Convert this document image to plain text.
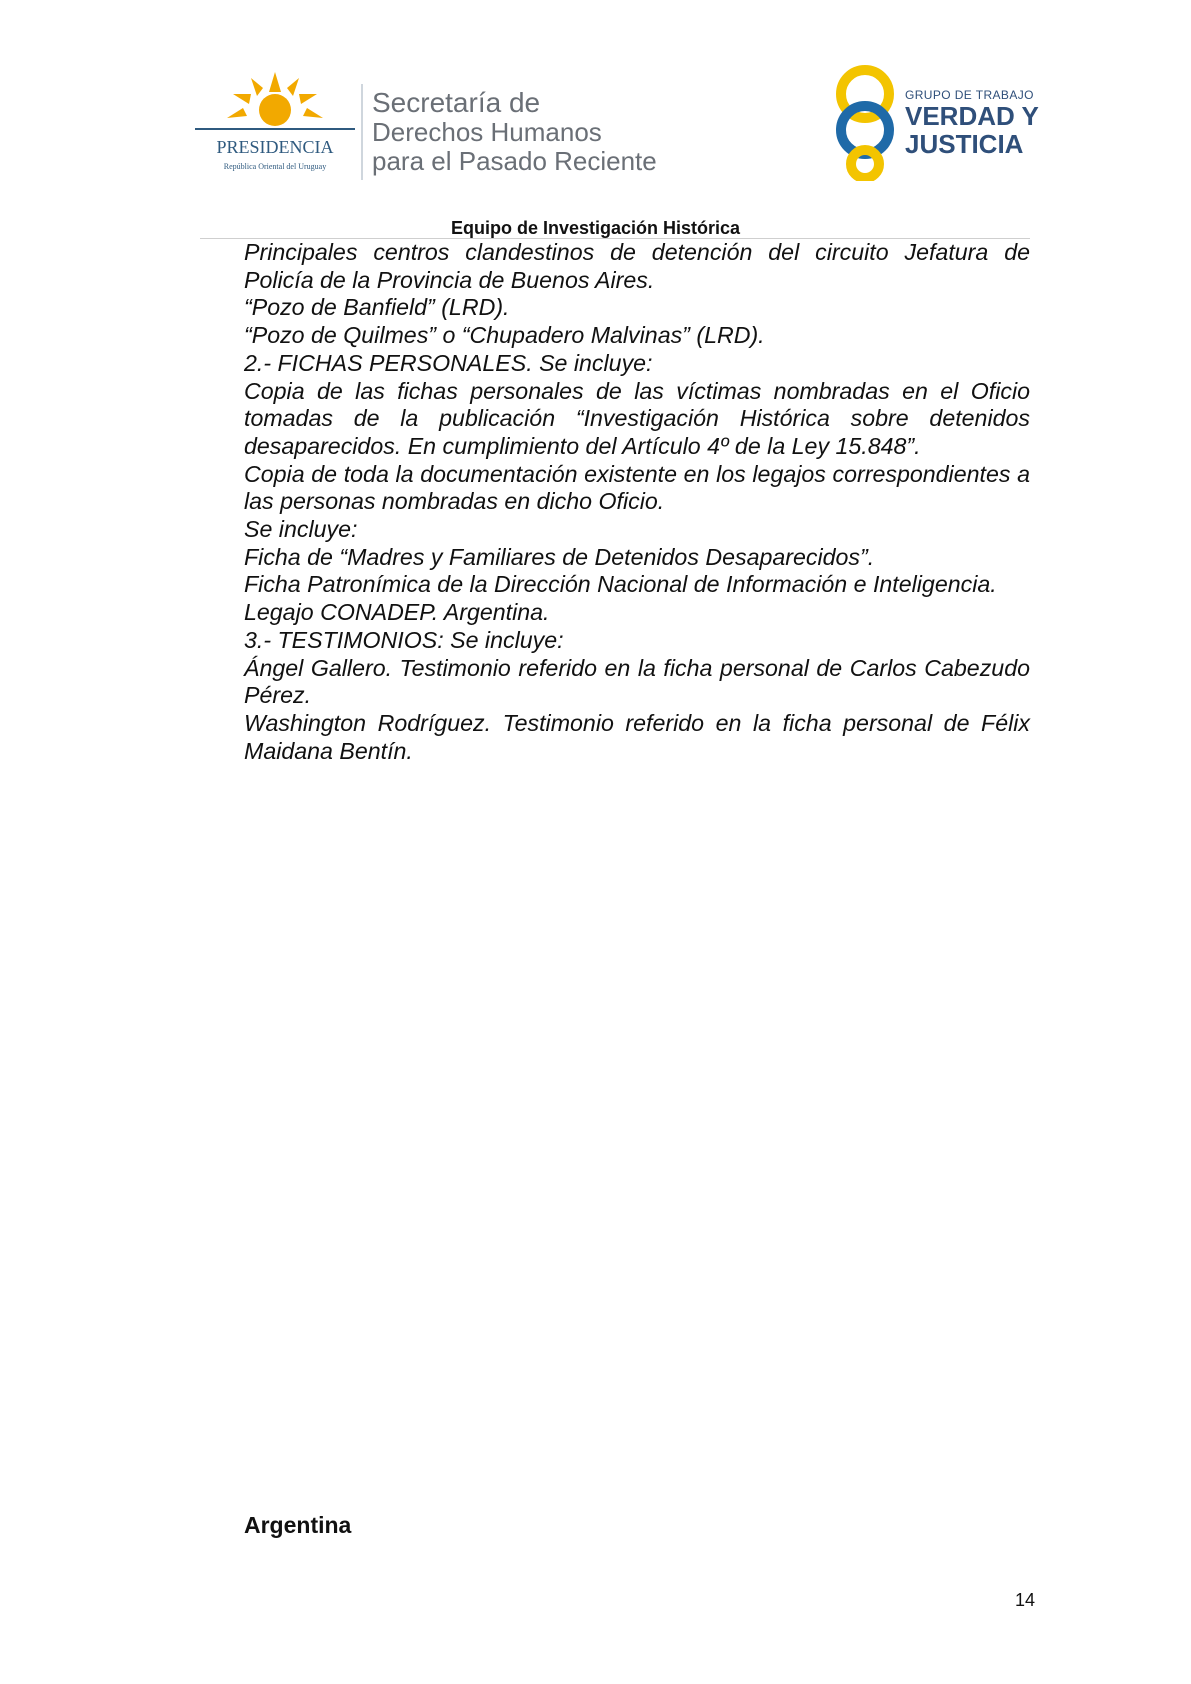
PRESIDENCIA
República Oriental del Uruguay
Secretaría de
Derechos Humanos
para el Pasado Reciente
GRUPO DE TRABAJO
VERDAD Y
JUSTICIA
Equipo de Investigación Histórica

Principales centros clandestinos de detención del circuito Jefatura de Policía de la Provincia de Buenos Aires.

“Pozo de Banfield” (LRD).

“Pozo de Quilmes” o “Chupadero Malvinas” (LRD).

2.- FICHAS PERSONALES. Se incluye:

Copia de las fichas personales de las víctimas nombradas en el Oficio tomadas de la publicación “Investigación Histórica sobre detenidos desaparecidos. En cumplimiento del Artículo 4º de la Ley 15.848”.

Copia de toda la documentación existente en los legajos correspondientes a las personas nombradas en dicho Oficio.

Se incluye:

Ficha de “Madres y Familiares de Detenidos Desaparecidos”.

Ficha Patronímica de la Dirección Nacional de Información e Inteligencia.

Legajo CONADEP. Argentina.

3.- TESTIMONIOS: Se incluye:

Ángel Gallero. Testimonio referido en la ficha personal de Carlos Cabezudo Pérez.

Washington Rodríguez. Testimonio referido en la ficha personal de Félix Maidana Bentín.

Argentina
14
